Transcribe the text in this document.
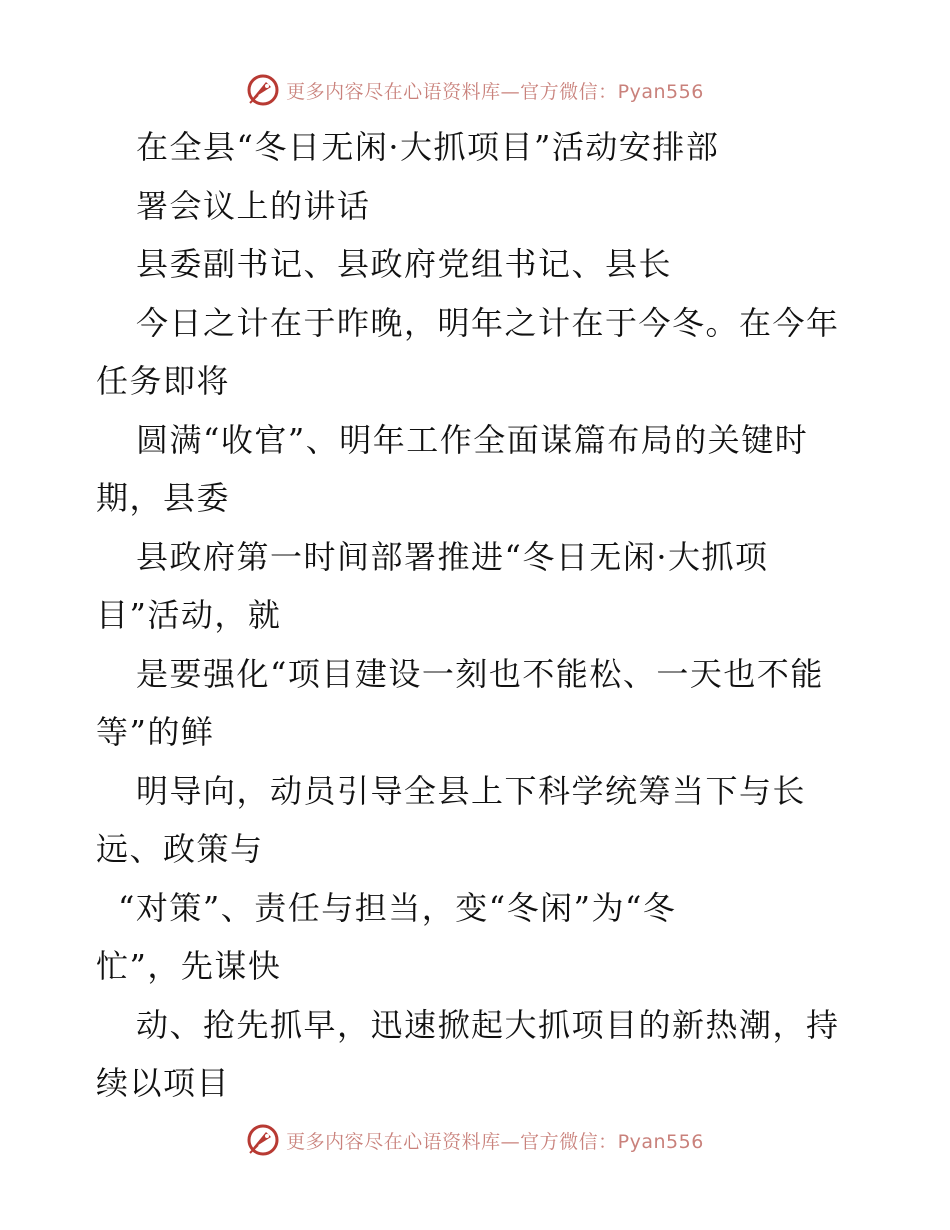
更多内容尽在心语资料库—官方微信：Pyan556
在全县“冬日无闲·大抓项目”活动安排部
署会议上的讲话
县委副书记、县政府党组书记、县长
今日之计在于昨晚，明年之计在于今冬。在今年
任务即将
圆满“收官”、明年工作全面谋篇布局的关键时
期，县委
县政府第一时间部署推进“冬日无闲·大抓项
目”活动，就
是要强化“项目建设一刻也不能松、一天也不能
等”的鲜
明导向，动员引导全县上下科学统筹当下与长
远、政策与
“对策”、责任与担当，变“冬闲”为“冬
忙”，先谋快
动、抢先抓早，迅速掀起大抓项目的新热潮，持
续以项目
更多内容尽在心语资料库—官方微信：Pyan556
